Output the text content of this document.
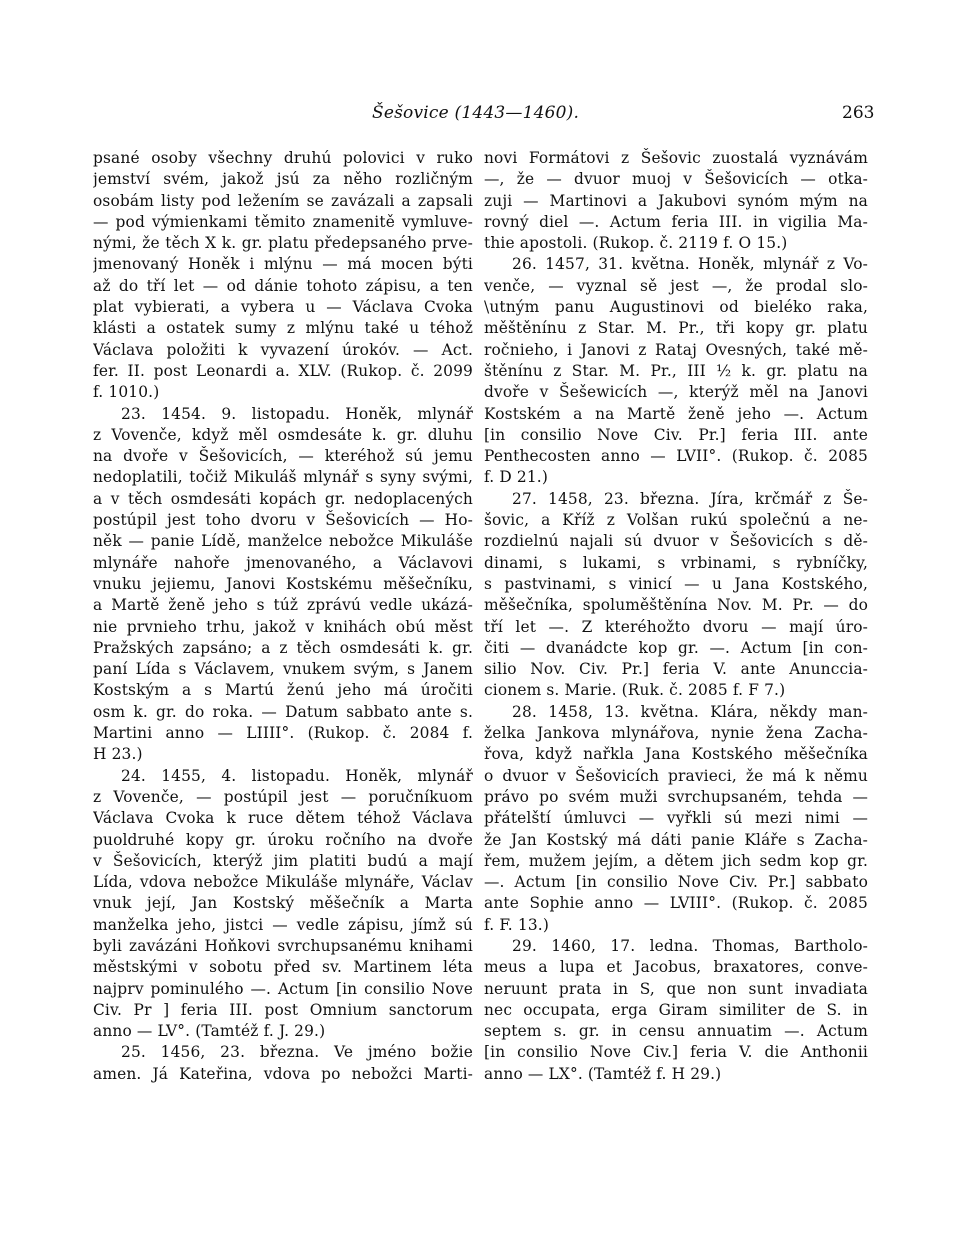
Šešovice (1443—1460).	263
psané osoby všechny druhú polovici v ruko
jemství svém, jakož jsú za něho rozličným
osobám listy pod ležením se zavázali a zapsali
— pod výmienkami těmito znamenitě vymluve-
nými, že těch X k. gr. platu předepsaného prve-
jmenovaný Honěk i mlýnu — má mocen býti
až do tří let — od dánie tohoto zápisu, a ten
plat vybierati, a vybera u — Václava Cvoka
klásti a ostatek sumy z mlýnu také u téhož
Václava položiti k vyvazení úrokóv. — Act.
fer. II. post Leonardi a. XLV. (Rukop. č. 2099
f. 1010.)
23. 1454. 9. listopadu. Honěk, mlynář
z Vovenče, když měl osmdesáte k. gr. dluhu
na dvoře v Šešovicích, — kteréhož sú jemu
nedoplatili, točiž Mikuláš mlynář s syny svými,
a v těch osmdesáti kopách gr. nedoplacených
postúpil jest toho dvoru v Šešovicích — Ho-
něk — panie Lídě, manželce nebožce Mikuláše
mlynáře nahoře jmenovaného, a Václavovi
vnuku jejiemu, Janovi Kostskému měšečníku,
a Martě ženě jeho s túž zprávú vedle ukázá-
nie prvnieho trhu, jakož v knihách obú měst
Pražských zapsáno; a z těch osmdesáti k. gr.
paní Lída s Václavem, vnukem svým, s Janem
Kostským a s Martú ženú jeho má úročiti
osm k. gr. do roka. — Datum sabbato ante s.
Martini anno — LIIII°. (Rukop. č. 2084 f.
H 23.)
24. 1455, 4. listopadu. Honěk, mlynář
z Vovenče, — postúpil jest — poručníkuom
Václava Cvoka k ruce dětem téhož Václava
puoldruhé kopy gr. úroku ročního na dvoře
v Šešovicích, kterýž jim platiti budú a mají
Lída, vdova nebožce Mikuláše mlynáře, Václav
vnuk její, Jan Kostský měšečník a Marta
manželka jeho, jistci — vedle zápisu, jímž sú
byli zavázáni Hoňkovi svrchupsanému knihami
městskými v sobotu před sv. Martinem léta
najprv pominulého —. Actum [in consilio Nove
Civ. Pr ] feria III. post Omnium sanctorum
anno — LV°. (Tamtéž f. J. 29.)
25. 1456, 23. března. Ve jméno božie
amen. Já Kateřina, vdova po nebožci Marti-
novi Formátovi z Šešovic zuostalá vyznávám
—, že — dvuor muoj v Šešovicích — otka-
zuji — Martinovi a Jakubovi synóm mým na
rovný diel —. Actum feria III. in vigilia Ma-
thie apostoli. (Rukop. č. 2119 f. O 15.)
26. 1457, 31. května. Honěk, mlynář z Vo-
venče, — vyznal sě jest —, že prodal slo-
\utným panu Augustinovi od bieléko raka,
měštěnínu z Star. M. Pr., tři kopy gr. platu
ročnieho, i Janovi z Rataj Ovesných, také mě-
štěnínu z Star. M. Pr., III ½ k. gr. platu na
dvoře v Šešewicích —, kterýž měl na Janovi
Kostském a na Martě ženě jeho —. Actum
[in consilio Nove Civ. Pr.] feria III. ante
Penthecosten anno — LVII°. (Rukop. č. 2085
f. D 21.)
27. 1458, 23. března. Jíra, krčmář z Še-
šovic, a Kříž z Volšan rukú společnú a ne-
rozdielnú najali sú dvuor v Šešovicích s dě-
dinami, s lukami, s vrbinami, s rybníčky,
s pastvinami, s vinicí — u Jana Kostského,
měšečníka, spoluměštěnína Nov. M. Pr. — do
tří let —. Z kteréhožto dvoru — mají úro-
čiti — dvanádcte kop gr. —. Actum [in con-
silio Nov. Civ. Pr.] feria V. ante Anunccia-
cionem s. Marie. (Ruk. č. 2085 f. F 7.)
28. 1458, 13. května. Klára, někdy man-
želka Jankova mlynářova, nynie žena Zacha-
řova, když nařkla Jana Kostského měšečníka
o dvuor v Šešovicích pravieci, že má k němu
právo po svém muži svrchupsaném, tehda —
přátelští úmluvci — vyřkli sú mezi nimi —
že Jan Kostský má dáti panie Kláře s Zacha-
řem, mužem jejím, a dětem jich sedm kop gr.
—. Actum [in consilio Nove Civ. Pr.] sabbato
ante Sophie anno — LVIII°. (Rukop. č. 2085
f. F. 13.)
29. 1460, 17. ledna. Thomas, Bartholo-
meus a lupa et Jacobus, braxatores, conve-
neruunt prata in S, que non sunt invadiata
nec occupata, erga Giram similiter de S. in
septem s. gr. in censu annuatim —. Actum
[in consilio Nove Civ.] feria V. die Anthonii
anno — LX°. (Tamtéž f. H 29.)
